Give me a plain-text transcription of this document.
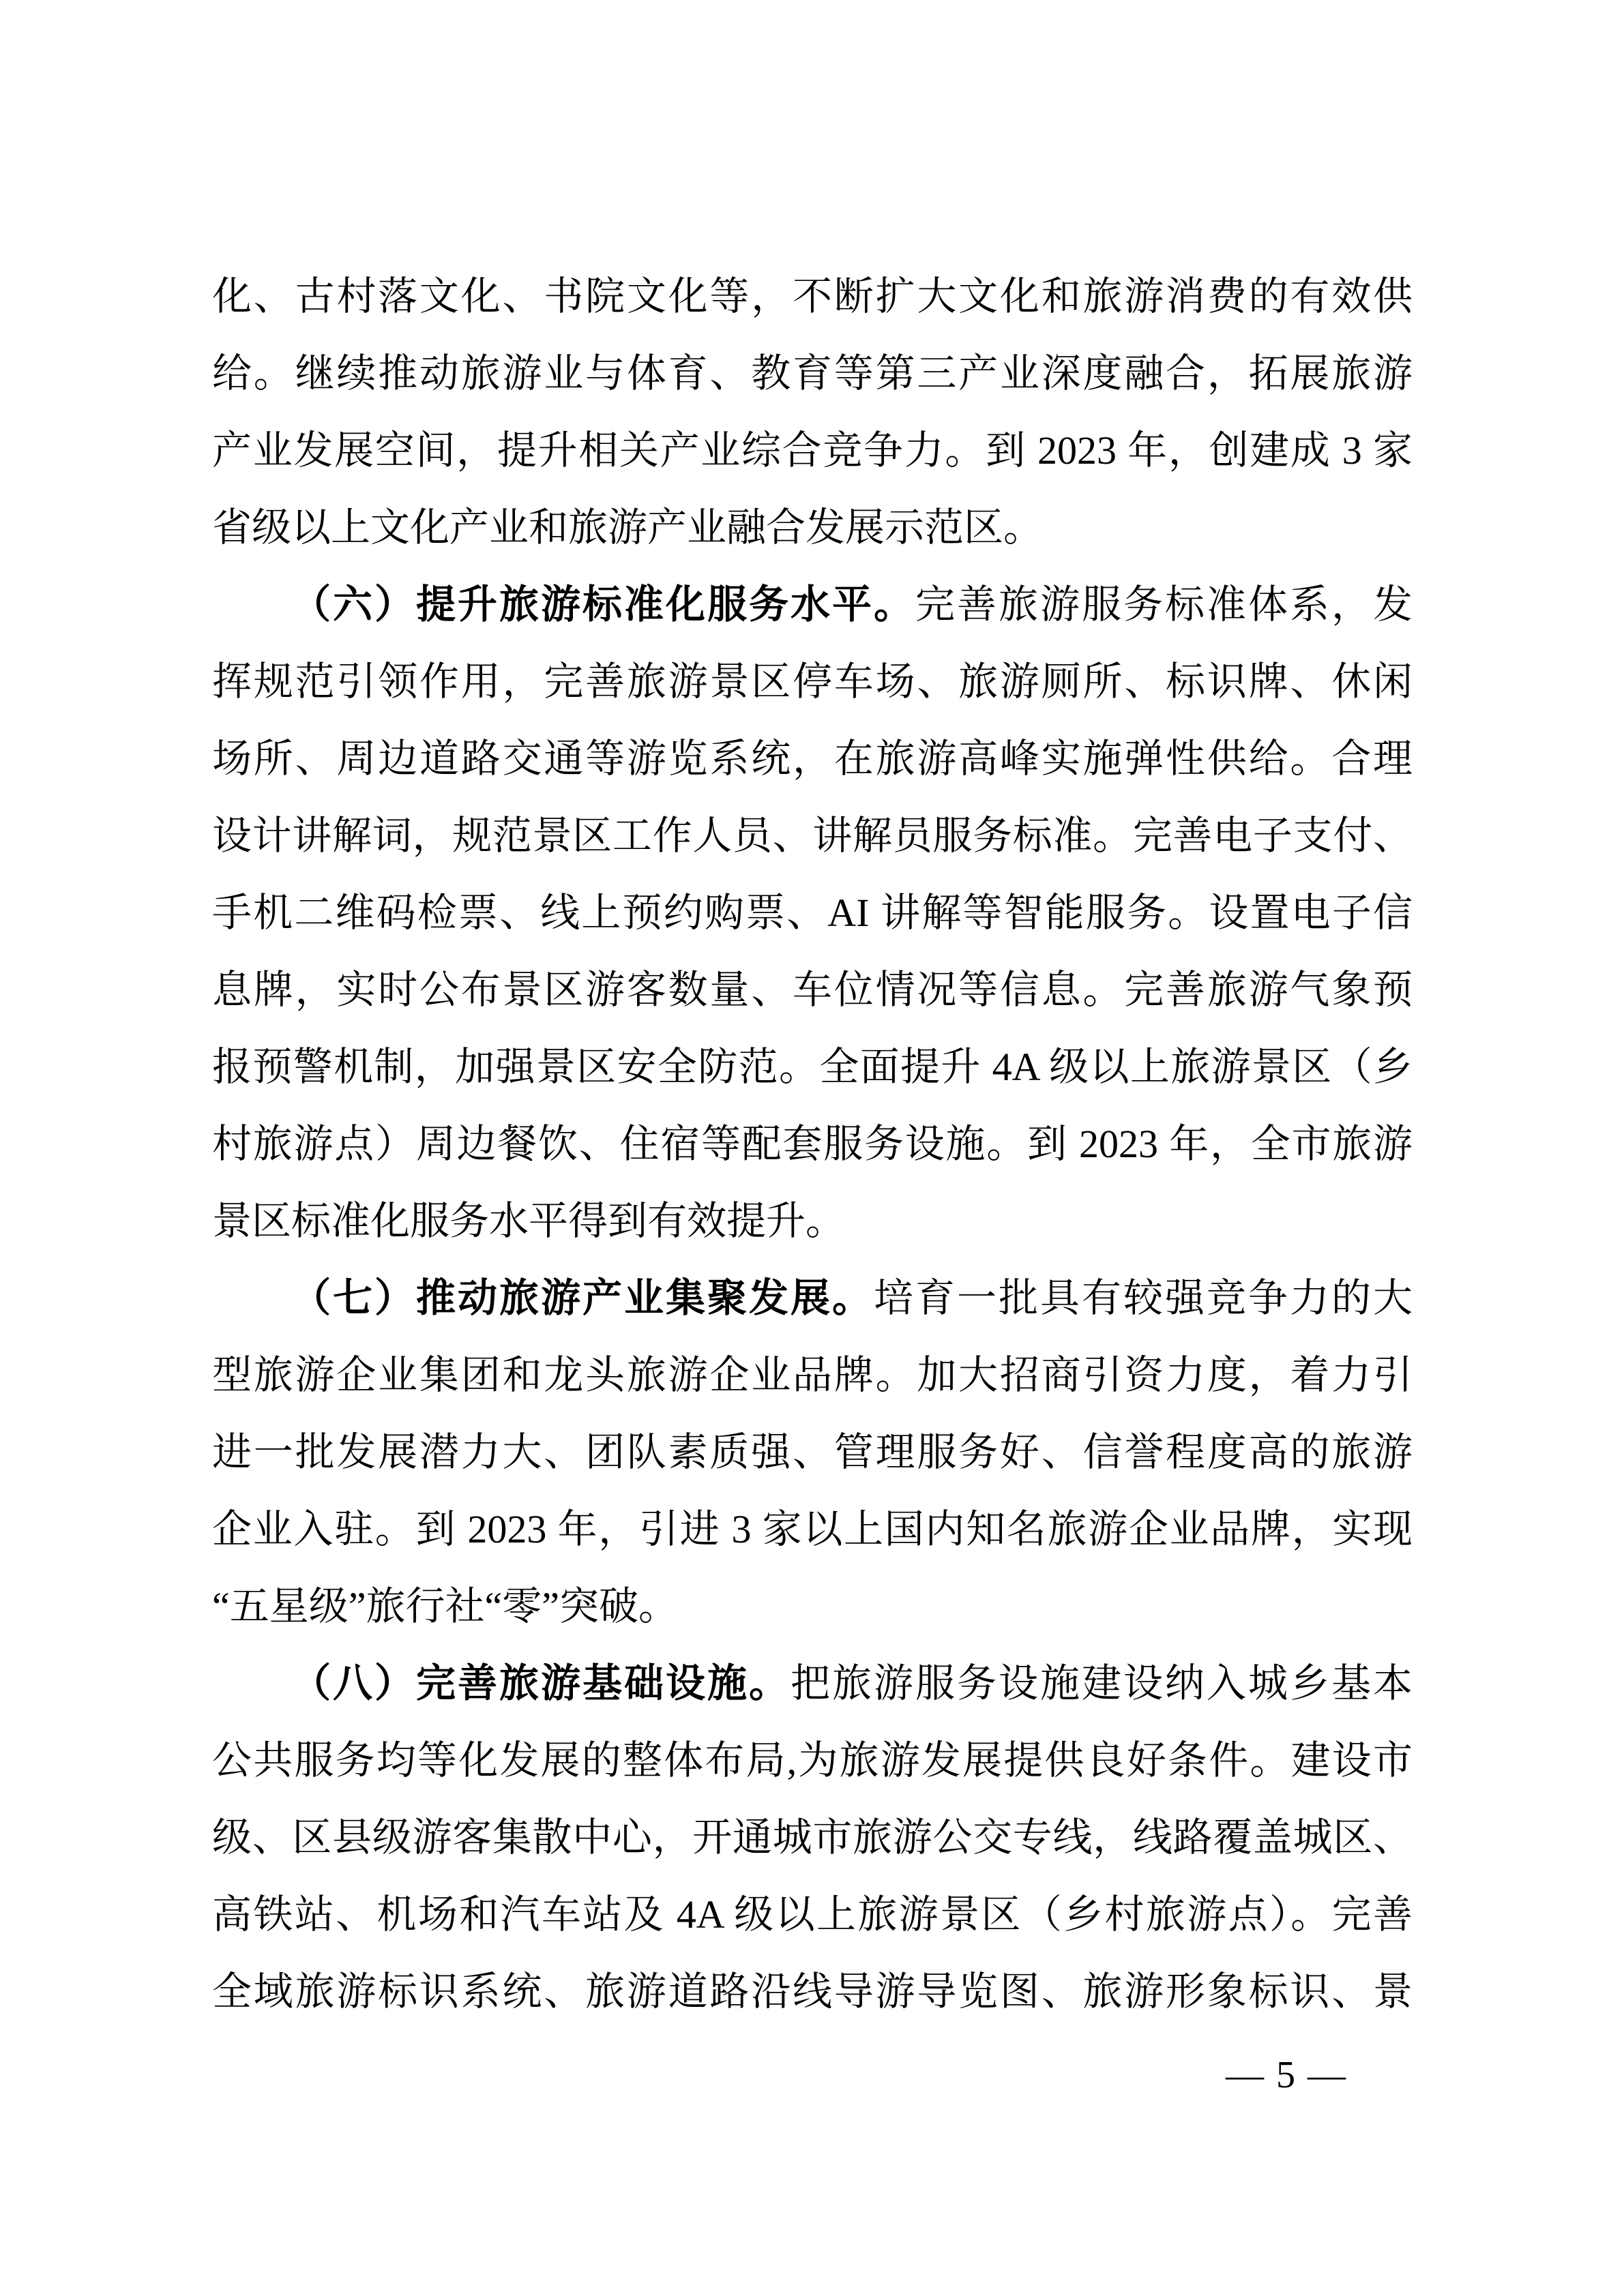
化、古村落文化、书院文化等，不断扩大文化和旅游消费的有效供
给。继续推动旅游业与体育、教育等第三产业深度融合，拓展旅游
产业发展空间，提升相关产业综合竞争力。到 2023 年，创建成 3 家
省级以上文化产业和旅游产业融合发展示范区。
（六）提升旅游标准化服务水平。完善旅游服务标准体系，发
挥规范引领作用，完善旅游景区停车场、旅游厕所、标识牌、休闲
场所、周边道路交通等游览系统，在旅游高峰实施弹性供给。合理
设计讲解词，规范景区工作人员、讲解员服务标准。完善电子支付、
手机二维码检票、线上预约购票、AI 讲解等智能服务。设置电子信
息牌，实时公布景区游客数量、车位情况等信息。完善旅游气象预
报预警机制，加强景区安全防范。全面提升 4A 级以上旅游景区（乡
村旅游点）周边餐饮、住宿等配套服务设施。到 2023 年，全市旅游
景区标准化服务水平得到有效提升。
（七）推动旅游产业集聚发展。培育一批具有较强竞争力的大
型旅游企业集团和龙头旅游企业品牌。加大招商引资力度，着力引
进一批发展潜力大、团队素质强、管理服务好、信誉程度高的旅游
企业入驻。到 2023 年，引进 3 家以上国内知名旅游企业品牌，实现
“五星级”旅行社“零”突破。
（八）完善旅游基础设施。把旅游服务设施建设纳入城乡基本
公共服务均等化发展的整体布局,为旅游发展提供良好条件。建设市
级、区县级游客集散中心，开通城市旅游公交专线，线路覆盖城区、
高铁站、机场和汽车站及 4A 级以上旅游景区（乡村旅游点）。完善
全域旅游标识系统、旅游道路沿线导游导览图、旅游形象标识、景
— 5 —
